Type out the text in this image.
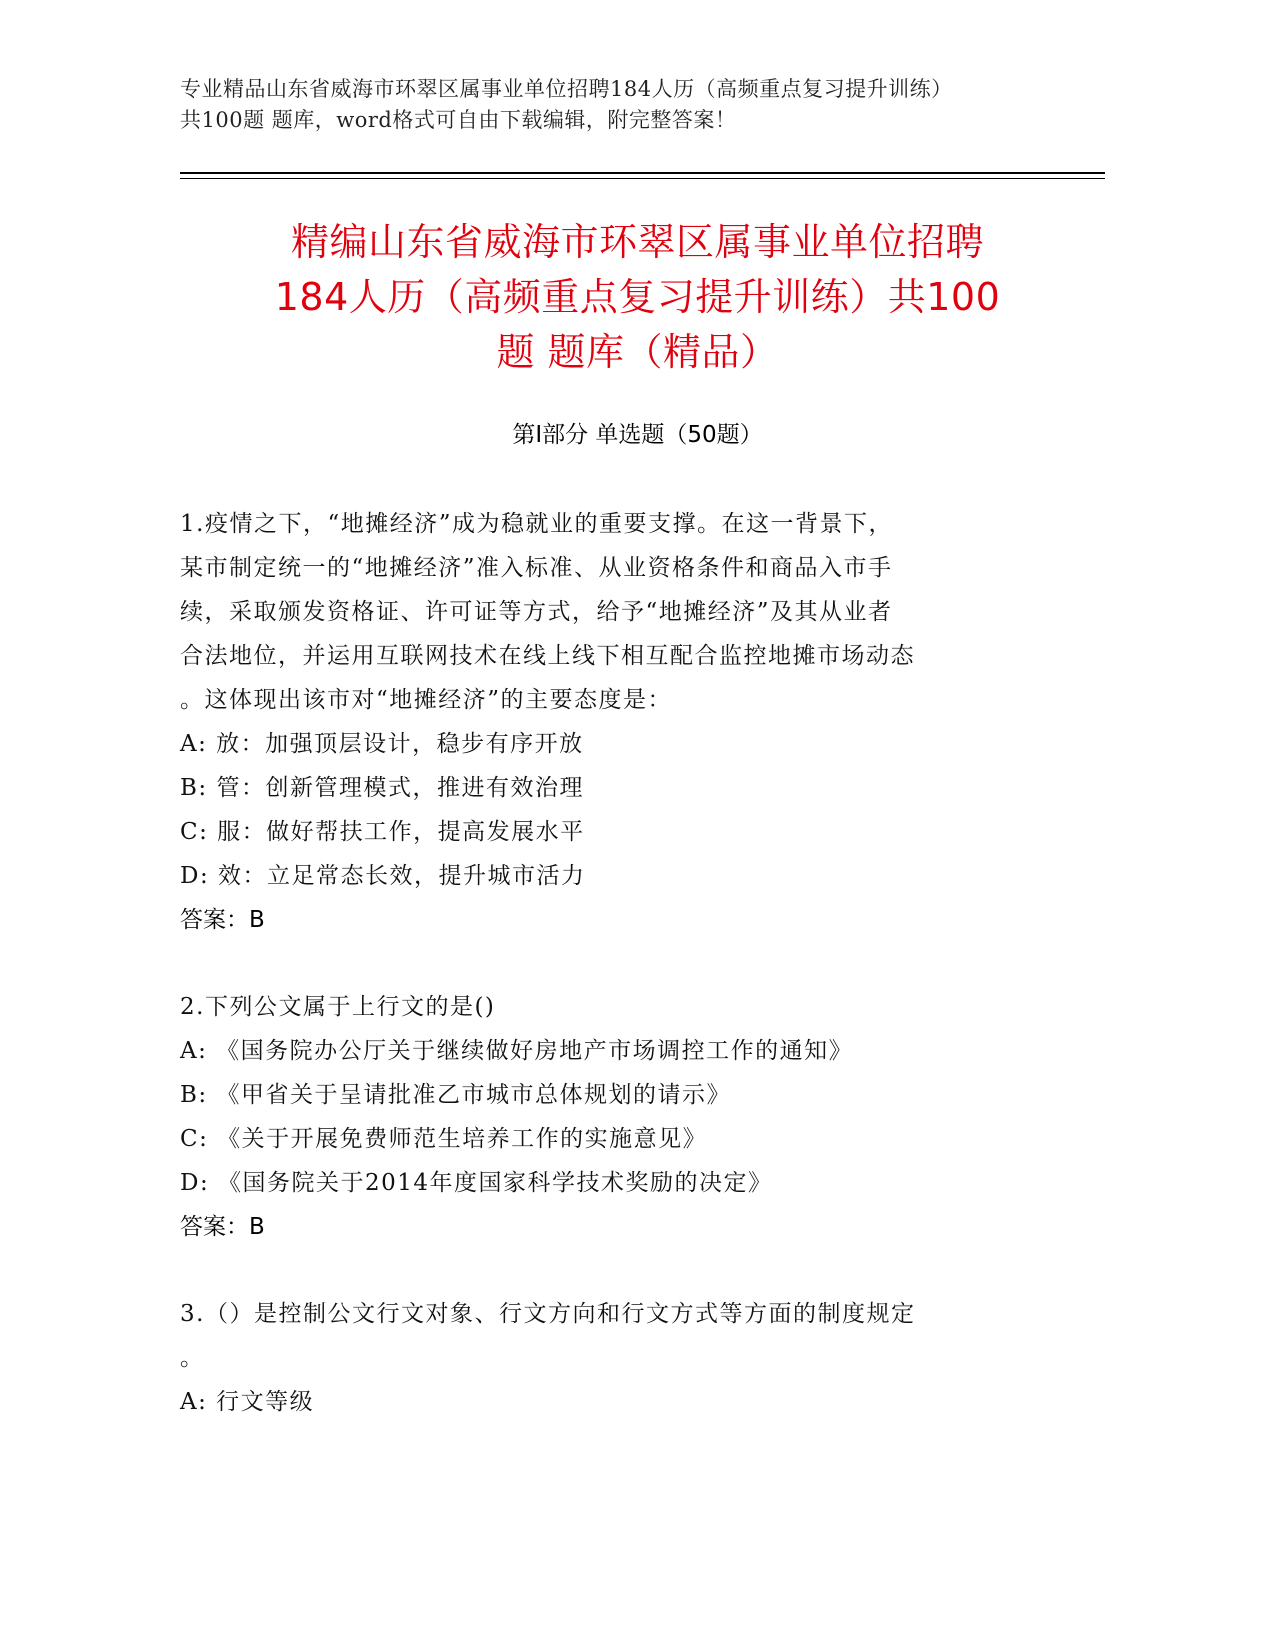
专业精品山东省威海市环翠区属事业单位招聘184人历（高频重点复习提升训练）
共100题 题库，word格式可自由下载编辑，附完整答案！
精编山东省威海市环翠区属事业单位招聘
184人历（高频重点复习提升训练）共100
题 题库（精品）
第Ⅰ部分 单选题（50题）
1.疫情之下，“地摊经济”成为稳就业的重要支撑。在这一背景下，
某市制定统一的“地摊经济”准入标准、从业资格条件和商品入市手
续，采取颁发资格证、许可证等方式，给予“地摊经济”及其从业者
合法地位，并运用互联网技术在线上线下相互配合监控地摊市场动态
。这体现出该市对“地摊经济”的主要态度是：
A: 放：加强顶层设计，稳步有序开放
B: 管：创新管理模式，推进有效治理
C: 服：做好帮扶工作，提高发展水平
D: 效：立足常态长效，提升城市活力
答案：B
2.下列公文属于上行文的是()
A: 《国务院办公厅关于继续做好房地产市场调控工作的通知》
B: 《甲省关于呈请批准乙市城市总体规划的请示》
C: 《关于开展免费师范生培养工作的实施意见》
D: 《国务院关于2014年度国家科学技术奖励的决定》
答案：B
3.（）是控制公文行文对象、行文方向和行文方式等方面的制度规定
。
A: 行文等级
